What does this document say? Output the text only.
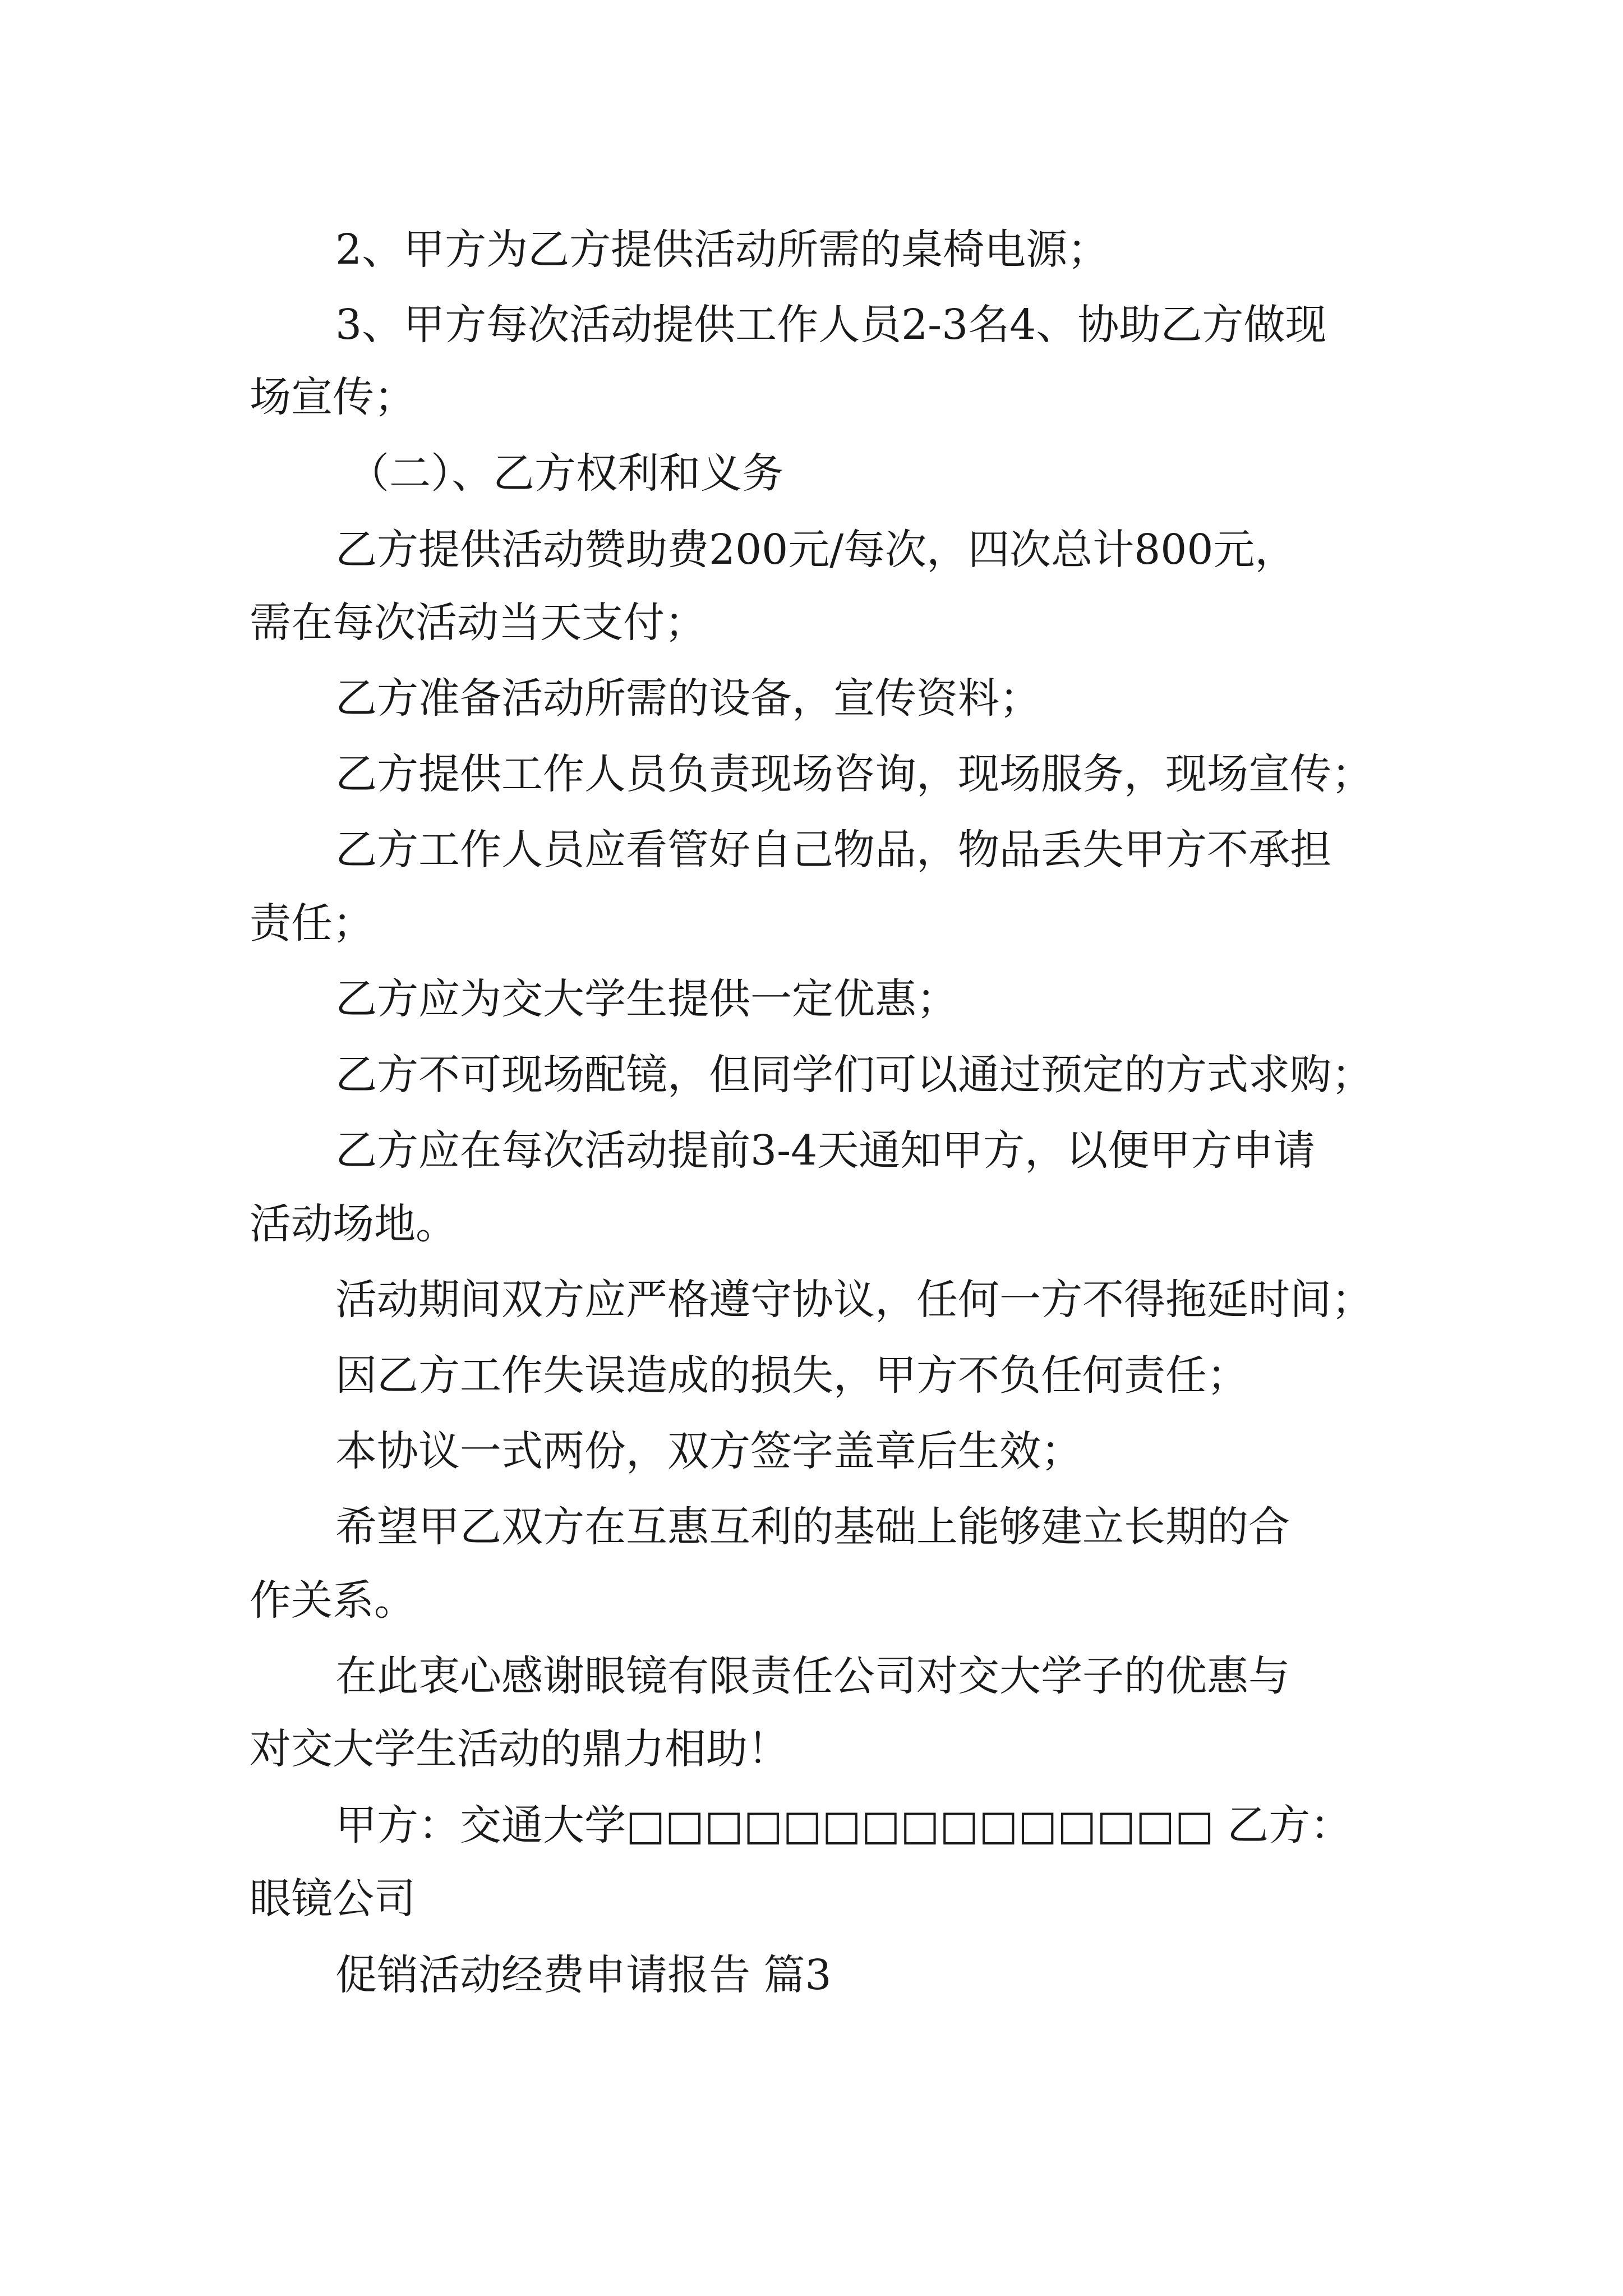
2、甲方为乙方提供活动所需的桌椅电源；

3、甲方每次活动提供工作人员2-3名4、协助乙方做现

场宣传；

（二）、乙方权利和义务

乙方提供活动赞助费200元/每次，四次总计800元，

需在每次活动当天支付；

乙方准备活动所需的设备，宣传资料；

乙方提供工作人员负责现场咨询，现场服务，现场宣传；

乙方工作人员应看管好自己物品，物品丢失甲方不承担

责任；

乙方应为交大学生提供一定优惠；

乙方不可现场配镜，但同学们可以通过预定的方式求购；

乙方应在每次活动提前3-4天通知甲方，以便甲方申请

活动场地。

活动期间双方应严格遵守协议，任何一方不得拖延时间；

因乙方工作失误造成的损失，甲方不负任何责任；

本协议一式两份，双方签字盖章后生效；

希望甲乙双方在互惠互利的基础上能够建立长期的合

作关系。

在此衷心感谢眼镜有限责任公司对交大学子的优惠与

对交大学生活动的鼎力相助！

甲方：交通大学□□□□□□□□□□□□□□□ 乙方：

眼镜公司

促销活动经费申请报告 篇3
